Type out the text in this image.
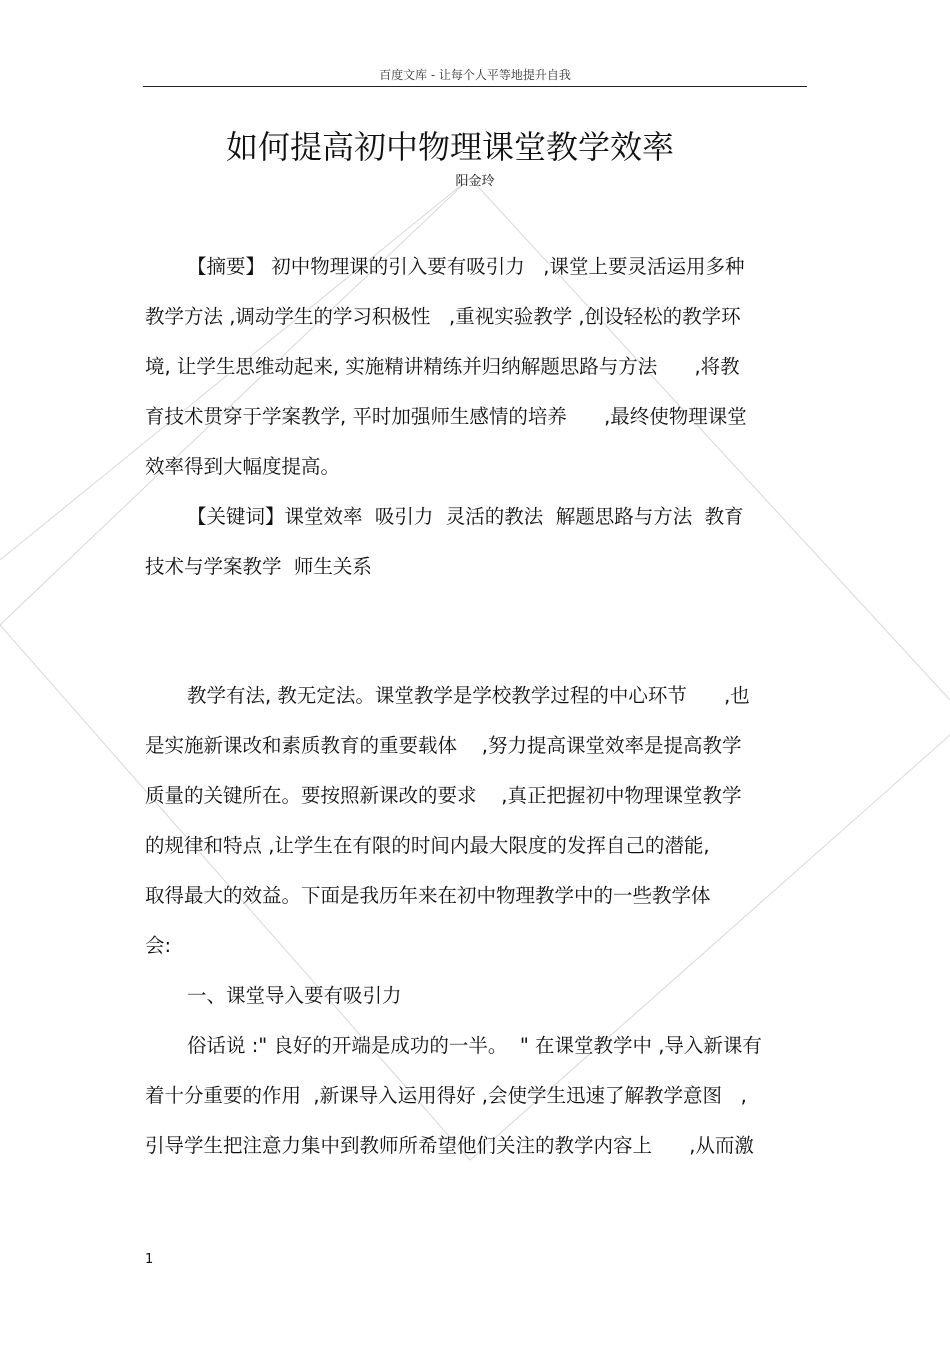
百度文库 - 让每个人平等地提升自我
如何提高初中物理课堂教学效率
阳金玲
【摘要】 初中物理课的引入要有吸引力   ,课堂上要灵活运用多种
教学方法 ,调动学生的学习积极性   ,重视实验教学 ,创设轻松的教学环
境, 让学生思维动起来, 实施精讲精练并归纳解题思路与方法      ,将教
育技术贯穿于学案教学, 平时加强师生感情的培养      ,最终使物理课堂
效率得到大幅度提高。
【关键词】课堂效率  吸引力  灵活的教法  解题思路与方法  教育
技术与学案教学  师生关系
教学有法, 教无定法。课堂教学是学校教学过程的中心环节      ,也
是实施新课改和素质教育的重要载体    ,努力提高课堂效率是提高教学
质量的关键所在。要按照新课改的要求    ,真正把握初中物理课堂教学
的规律和特点 ,让学生在有限的时间内最大限度的发挥自己的潜能,
取得最大的效益。下面是我历年来在初中物理教学中的一些教学体
会:
一、课堂导入要有吸引力
俗话说 :" 良好的开端是成功的一半。  " 在课堂教学中 ,导入新课有
着十分重要的作用  ,新课导入运用得好 ,会使学生迅速了解教学意图   ,
引导学生把注意力集中到教师所希望他们关注的教学内容上      ,从而激
1
